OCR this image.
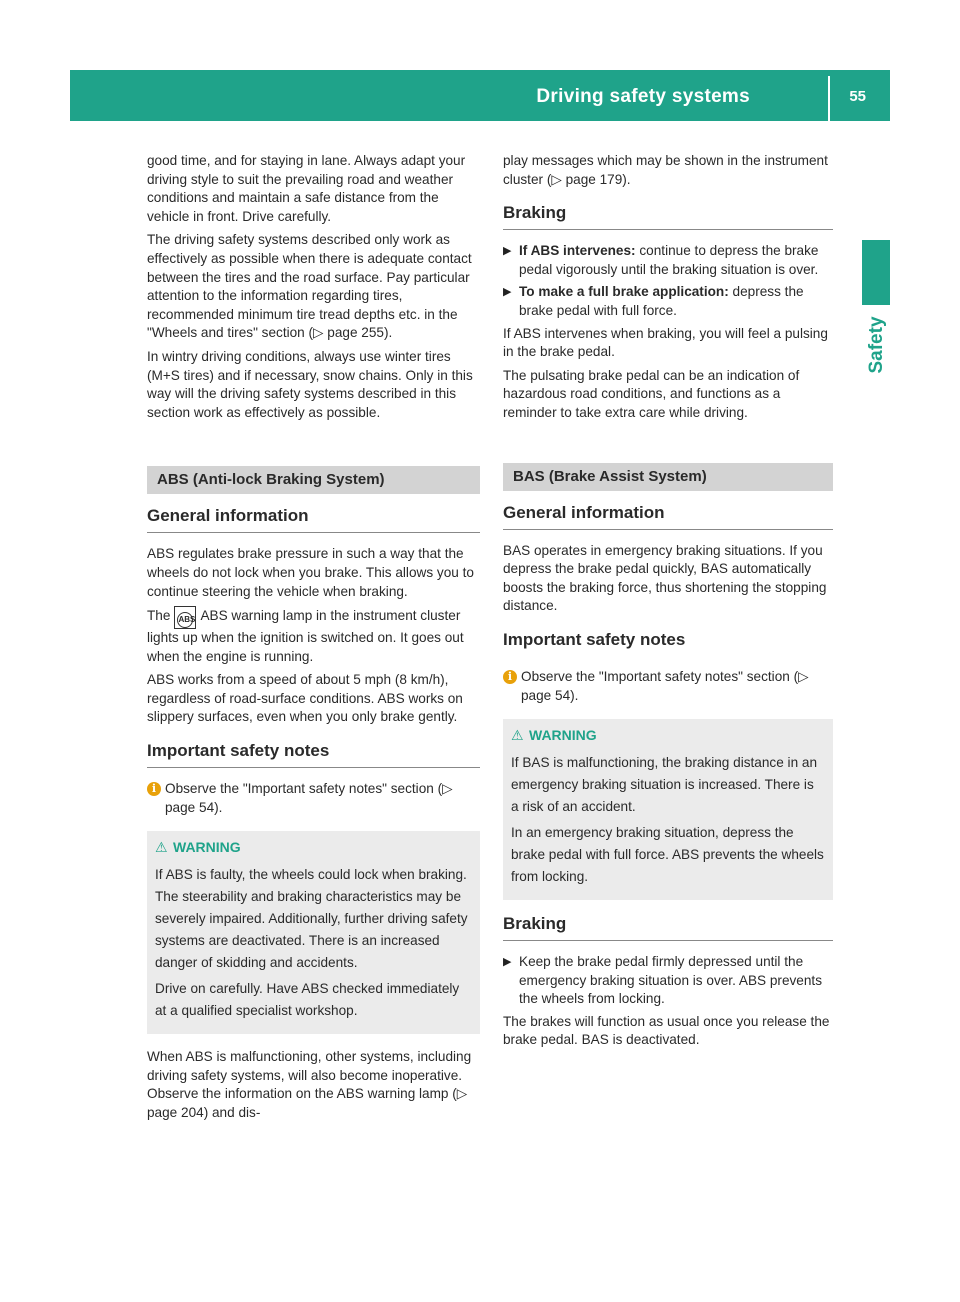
Driving safety systems	55
Safety

good time, and for staying in lane. Always adapt your driving style to suit the prevailing road and weather conditions and maintain a safe distance from the vehicle in front. Drive carefully.

The driving safety systems described only work as effectively as possible when there is adequate contact between the tires and the road surface. Pay particular attention to the information regarding tires, recommended minimum tire tread depths etc. in the "Wheels and tires" section (▷ page 255).

In wintry driving conditions, always use winter tires (M+S tires) and if necessary, snow chains. Only in this way will the driving safety systems described in this section work as effectively as possible.

ABS (Anti-lock Braking System)
General information

ABS regulates brake pressure in such a way that the wheels do not lock when you brake. This allows you to continue steering the vehicle when braking.

The ABS ABS warning lamp in the instrument cluster lights up when the ignition is switched on. It goes out when the engine is running.

ABS works from a speed of about 5 mph (8 km/h), regardless of road-surface conditions. ABS works on slippery surfaces, even when you only brake gently.

Important safety notes
i Observe the "Important safety notes" section (▷ page 54).
⚠ WARNING

If ABS is faulty, the wheels could lock when braking. The steerability and braking characteristics may be severely impaired. Additionally, further driving safety systems are deactivated. There is an increased danger of skidding and accidents.

Drive on carefully. Have ABS checked immediately at a qualified specialist workshop.

When ABS is malfunctioning, other systems, including driving safety systems, will also become inoperative. Observe the information on the ABS warning lamp (▷ page 204) and dis-

play messages which may be shown in the instrument cluster (▷ page 179).

Braking
▶ If ABS intervenes: continue to depress the brake pedal vigorously until the braking situation is over.
▶ To make a full brake application: depress the brake pedal with full force.

If ABS intervenes when braking, you will feel a pulsing in the brake pedal.

The pulsating brake pedal can be an indication of hazardous road conditions, and functions as a reminder to take extra care while driving.

BAS (Brake Assist System)
General information

BAS operates in emergency braking situations. If you depress the brake pedal quickly, BAS automatically boosts the braking force, thus shortening the stopping distance.

Important safety notes
i Observe the "Important safety notes" section (▷ page 54).
⚠ WARNING

If BAS is malfunctioning, the braking distance in an emergency braking situation is increased. There is a risk of an accident.

In an emergency braking situation, depress the brake pedal with full force. ABS prevents the wheels from locking.

Braking
▶ Keep the brake pedal firmly depressed until the emergency braking situation is over. ABS prevents the wheels from locking.

The brakes will function as usual once you release the brake pedal. BAS is deactivated.
